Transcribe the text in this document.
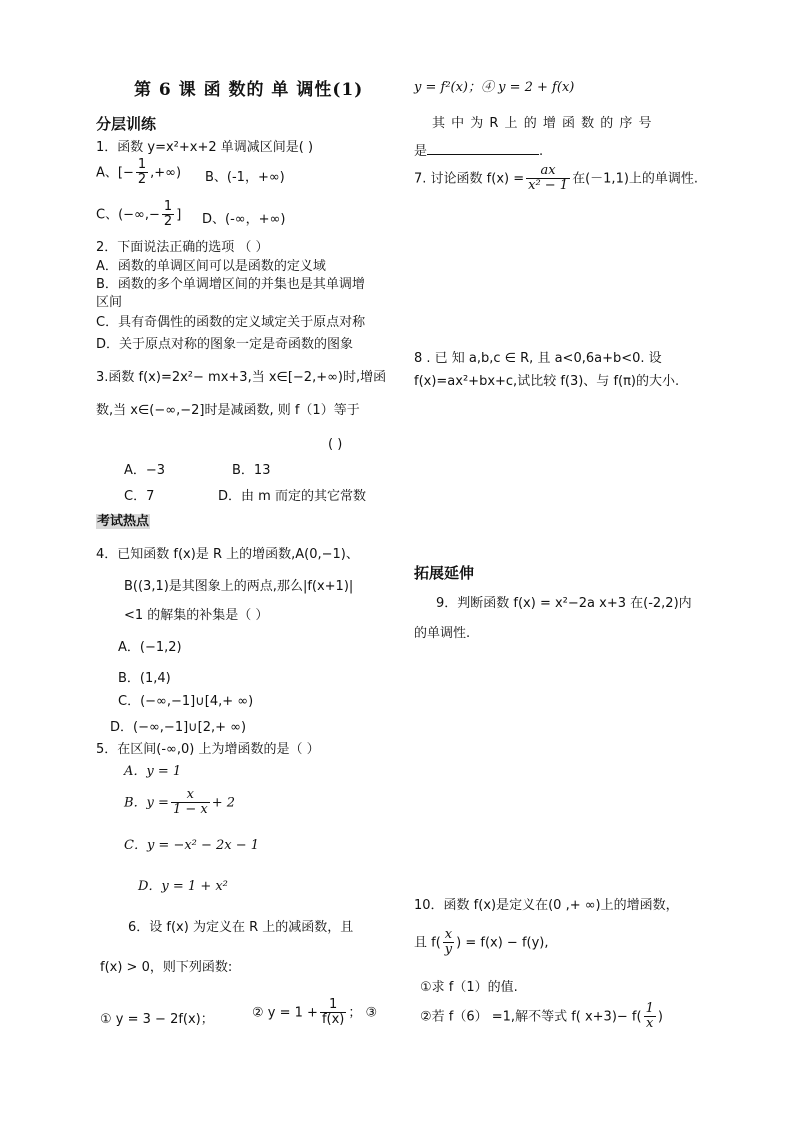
第 6 课 函 数的 单 调性(1)
分层训练
1．函数 y=x²+x+2 单调减区间是( )
A、[− $\frac{1}{2}$ ,+∞) B、(-1，+∞)
C、(−∞,− $\frac{1}{2}$ ] D、(-∞，+∞)
2．下面说法正确的选项 （ ）
A．函数的单调区间可以是函数的定义域
B．函数的多个单调增区间的并集也是其单调增
区间
C．具有奇偶性的函数的定义域定关于原点对称
D．关于原点对称的图象一定是奇函数的图象
3.函数 f(x)=2x²− mx+3,当 x∈[−2,+∞)时,增函
数,当 x∈(−∞,−2]时是减函数, 则 f（1）等于
( )
A．−3	B．13
C．7	D．由 m 而定的其它常数
考试热点
4．已知函数 f(x)是 R 上的增函数,A(0,−1)、
B((3,1)是其图象上的两点,那么|f(x+1)|
<1 的解集的补集是（ ）
A．(−1,2)
B．(1,4)
C．(−∞,−1]∪[4,+ ∞)
D．(−∞,−1]∪[2,+ ∞)
5．在区间(-∞,0) 上为增函数的是（ ）
A．y = 1
B．$y = \frac{x}{1 - x} + 2$
C．y = −x² − 2x − 1
D．y = 1 + x²
6．设 f(x) 为定义在 R 上的减函数，且
f(x) > 0，则下列函数:
① y = 3 − 2f(x)；	② $y = 1 + \frac{1}{f(x)}$ ； ③
y = f²(x)；④ y = 2 + f(x)
其 中 为 R 上 的 增 函 数 的 序 号
是	.
7. 讨论函数 $f(x) = \frac{ax}{\text{x² − 1}}$ 在(－1,1)上的单调性.
8 . 已 知 a,b,c ∈ R, 且 a<0,6a+b<0. 设
f(x)=ax²+bx+c,试比较 f(3)、与 f(π)的大小.
拓展延伸
9．判断函数 f(x) = x²−2a x+3 在(-2,2)内
的单调性.
10．函数 f(x)是定义在(0 ,+ ∞)上的增函数，
且 $f( \frac{x}{y}$ ) = f(x) − f(y),
①求 f（1）的值.
②若 f（6） =1,解不等式 f( $x+3)- f( \frac{1}{x}$ )
